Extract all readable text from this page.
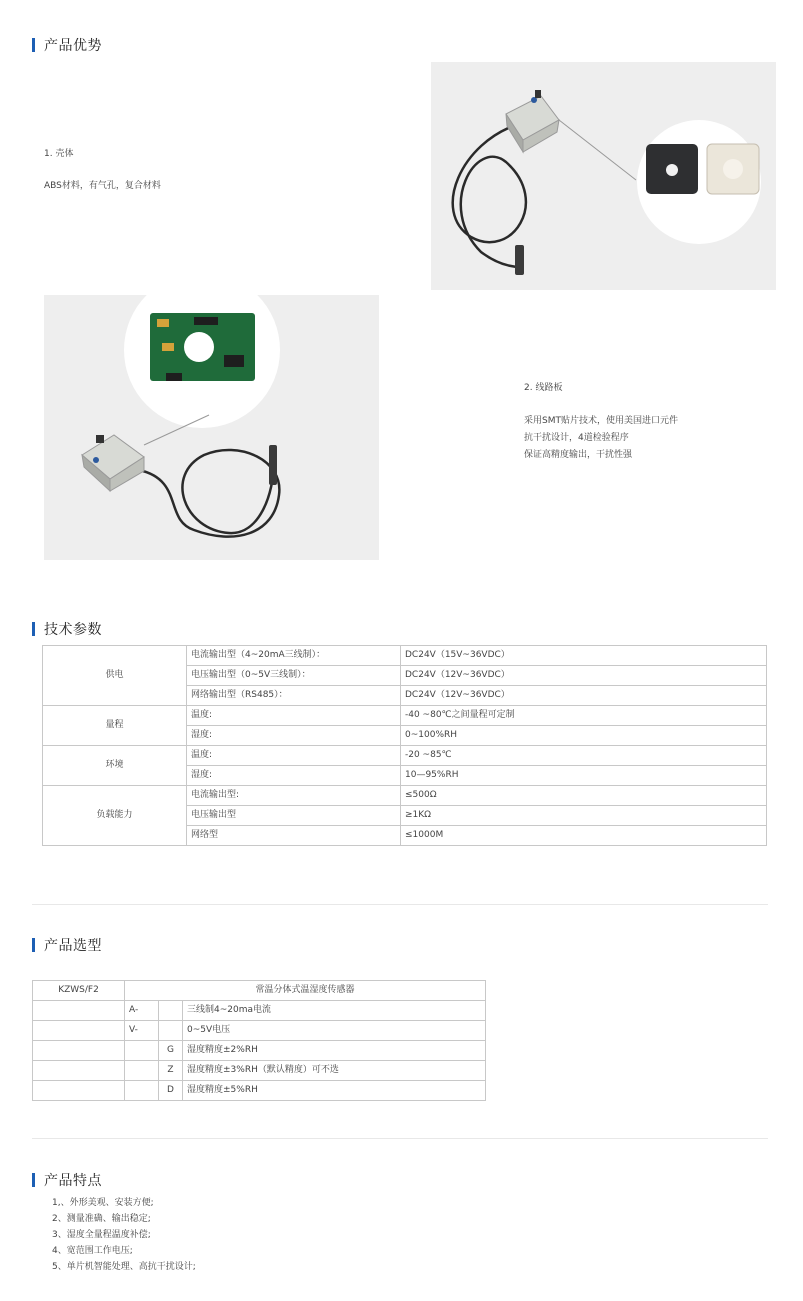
产品优势
1. 壳体
ABS材料，有气孔，复合材料
2. 线路板
采用SMT贴片技术，使用美国进口元件
抗干扰设计，4道检验程序
保证高精度输出，干扰性强
技术参数
供电	电流输出型（4~20mA三线制）：	DC24V（15V~36VDC）
	电压输出型（0~5V三线制）：	DC24V（12V~36VDC）
	网络输出型（RS485）：	DC24V（12V~36VDC）
量程	温度:	-40 ~80℃之间量程可定制
	湿度:	0~100%RH
环境	温度:	-20 ~85℃
	湿度:	10—95%RH
负载能力	电流输出型:	≤500Ω
	电压输出型	≥1KΩ
	网络型	≤1000M
产品选型
KZWS/F2	常温分体式温湿度传感器		
	A-		三线制4~20ma电流
	V-		0~5V电压
		G	湿度精度±2%RH
		Z	湿度精度±3%RH（默认精度）可不选
		D	湿度精度±5%RH
产品特点
1,、外形美观、安装方便;
2、测量准确、输出稳定;
3、湿度全量程温度补偿;
4、宽范围工作电压;
5、单片机智能处理、高抗干扰设计;
